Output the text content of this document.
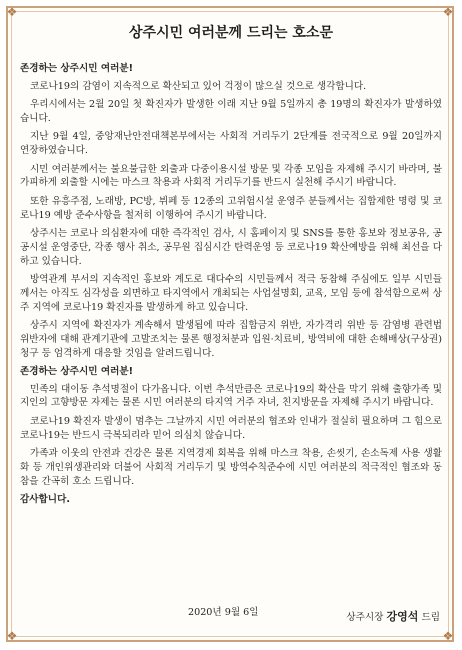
❖	❖
❖	❖
상주시민 여러분께 드리는 호소문
존경하는 상주시민 여러분!

코로나19의 감염이 지속적으로 확산되고 있어 걱정이 많으실 것으로 생각합니다.

우리시에서는 2월 20일 첫 확진자가 발생한 이래 지난 9월 5일까지 총 19명의 확진자가 발생하였습니다.

지난 9월 4일, 중앙재난안전대책본부에서는 사회적 거리두기 2단계를 전국적으로 9월 20일까지 연장하였습니다.

시민 여러분께서는 불요불급한 외출과 다중이용시설 방문 및 각종 모임을 자제해 주시기 바라며, 불가피하게 외출할 시에는 마스크 착용과 사회적 거리두기를 반드시 실천해 주시기 바랍니다.

또한 유흥주점, 노래방, PC방, 뷔페 등 12종의 고위험시설 운영주 분들께서는 집합제한 명령 및 코로나19 예방 준수사항을 철저히 이행하여 주시기 바랍니다.

상주시는 코로나 의심환자에 대한 즉각적인 검사, 시 홈페이지 및 SNS를 통한 홍보와 정보공유, 공공시설 운영중단, 각종 행사 취소, 공무원 집심시간 탄력운영 등 코로나19 확산예방을 위해 최선을 다하고 있습니다.

방역관계 부서의 지속적인 홍보와 계도로 대다수의 시민들께서 적극 동참해 주심에도 일부 시민들께서는 아직도 심각성을 외면하고 타지역에서 개최되는 사업설명회, 교육, 모임 등에 참석함으로써 상주 지역에 코로나19 확진자를 발생하게 하고 있습니다.

상주시 지역에 확진자가 계속해서 발생됨에 따라 집합금지 위반, 자가격리 위반 등 감염병 관련법 위반자에 대해 관계기관에 고발조치는 물론 행정처분과 입원·치료비, 방역비에 대한 손해배상(구상권) 청구 등 엄격하게 대응할 것임을 알려드립니다.

존경하는 상주시민 여러분!

민족의 대이동 추석명절이 다가옵니다. 이번 추석만큼은 코로나19의 확산을 막기 위해 출향가족 및 지인의 고향방문 자제는 물론 시민 여러분의 타지역 거주 자녀, 친지방문을 자제해 주시기 바랍니다.

코로나19 확진자 발생이 멈추는 그날까지 시민 여러분의 협조와 인내가 절실히 필요하며 그 힘으로 코로나19는 반드시 극복되리라 믿어 의심치 않습니다.

가족과 이웃의 안전과 건강은 물론 지역경제 회복을 위해 마스크 착용, 손씻기, 손소독제 사용 생활화 등 개인위생관리와 더불어 사회적 거리두기 및 방역수칙준수에 시민 여러분의 적극적인 협조와 동참을 간곡히 호소 드립니다.

감사합니다.
2020년 9월 6일	상주시장 강영석 드림
